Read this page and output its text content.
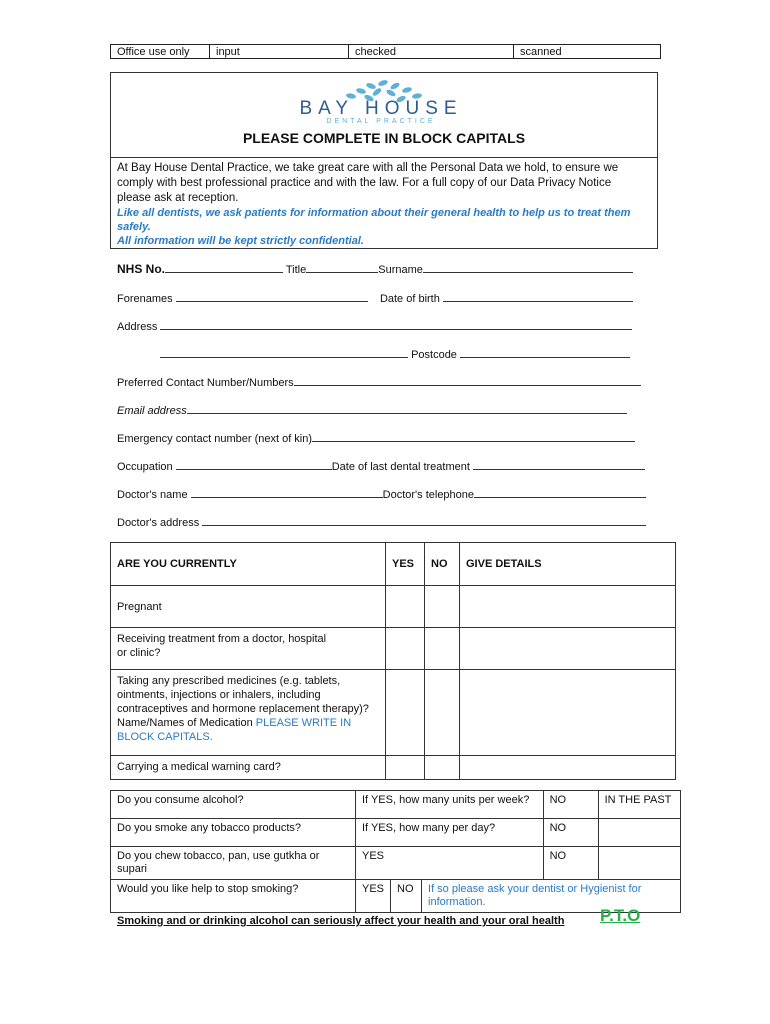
Office use only	input	checked	scanned
BAY HOUSE
DENTAL PRACTICE
PLEASE COMPLETE IN BLOCK CAPITALS
At Bay House Dental Practice, we take great care with all the Personal Data we hold, to ensure we
comply with best professional practice and with the law. For a full copy of our Data Privacy Notice
please ask at reception.
Like all dentists, we ask patients for information about their general health to help us to treat them safely.
All information will be kept strictly confidential.
NHS No.	Title	Surname
Forenames	Date of birth
Address
Postcode
Preferred Contact Number/Numbers
Email address
Emergency contact number (next of kin)
Occupation	Date of last dental treatment
Doctor's name	Doctor's telephone
Doctor's address
ARE YOU CURRENTLY	YES	NO	GIVE DETAILS
Pregnant			

Receiving treatment from a doctor, hospital
or clinic?			

Taking any prescribed medicines (e.g. tablets,
ointments, injections or inhalers, including
contraceptives and hormone replacement therapy)?
Name/Names of Medication PLEASE WRITE IN
BLOCK CAPITALS.			

Carrying a medical warning card?			
Do you consume alcohol?	If YES, how many units per week?			NO	IN THE PAST
Do you smoke any tobacco products?	If YES, how many per day?			NO	
Do you chew tobacco, pan, use gutkha or supari	YES			NO	
Would you like help to stop smoking?	YES	NO	If so please ask your dentist or Hygienist for information.		
Smoking and or drinking alcohol can seriously affect your health and your oral health P.T.O
